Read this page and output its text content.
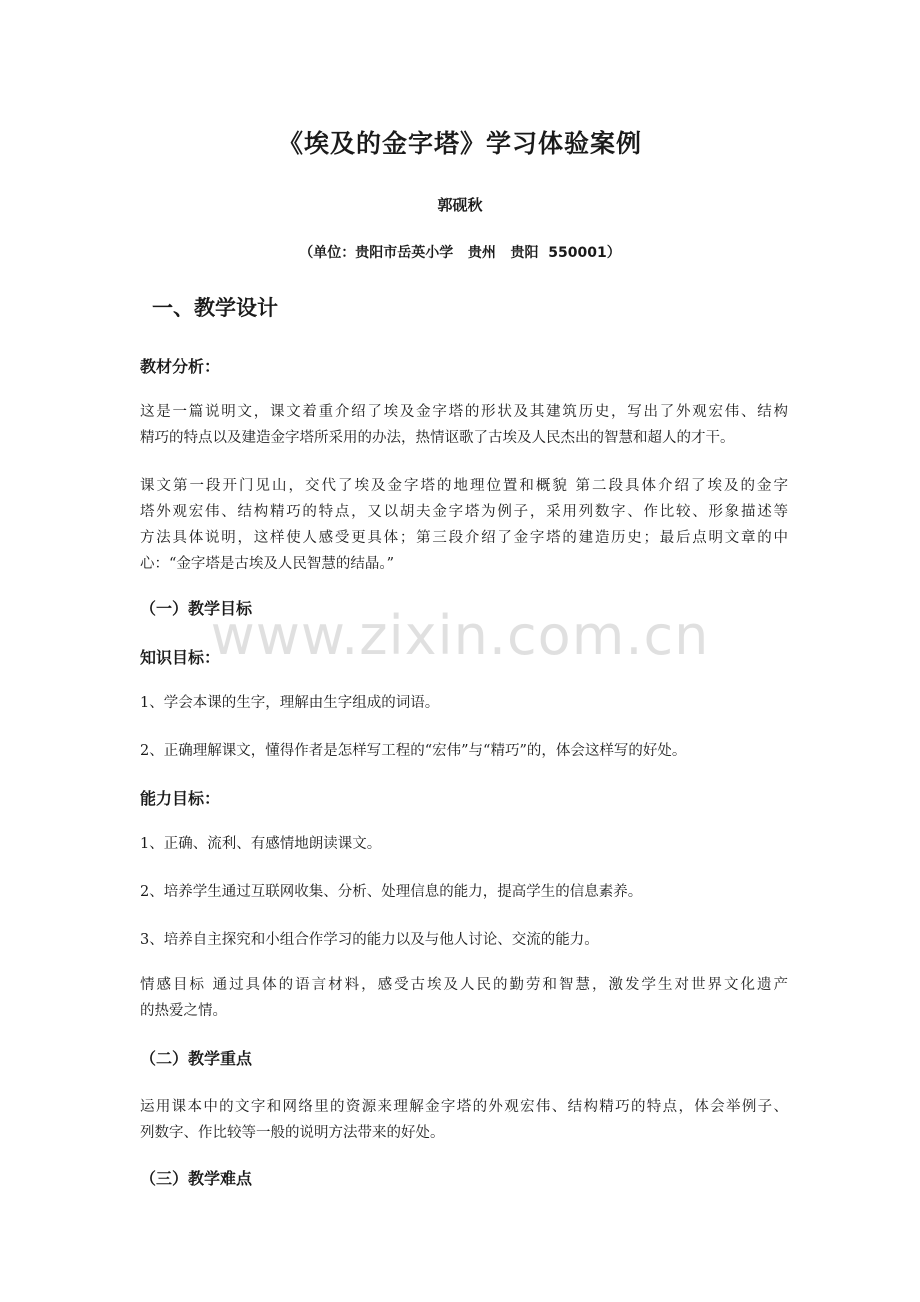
《埃及的金字塔》学习体验案例
郭砚秋
（单位：贵阳市岳英小学   贵州   贵阳  550001）
一、教学设计
教材分析：
这是一篇说明文，课文着重介绍了埃及金字塔的形状及其建筑历史，写出了外观宏伟、结构
精巧的特点以及建造金字塔所采用的办法，热情讴歌了古埃及人民杰出的智慧和超人的才干。
课文第一段开门见山，交代了埃及金字塔的地理位置和概貌 第二段具体介绍了埃及的金字
塔外观宏伟、结构精巧的特点，又以胡夫金字塔为例子，采用列数字、作比较、形象描述等
方法具体说明，这样使人感受更具体；第三段介绍了金字塔的建造历史；最后点明文章的中
心：“金字塔是古埃及人民智慧的结晶。”
（一）教学目标
www.zixin.com.cn
知识目标：
1、学会本课的生字，理解由生字组成的词语。
2、正确理解课文，懂得作者是怎样写工程的“宏伟”与“精巧”的，体会这样写的好处。
能力目标：
1、正确、流利、有感情地朗读课文。
2、培养学生通过互联网收集、分析、处理信息的能力，提高学生的信息素养。
3、培养自主探究和小组合作学习的能力以及与他人讨论、交流的能力。
情感目标 通过具体的语言材料，感受古埃及人民的勤劳和智慧，激发学生对世界文化遗产
的热爱之情。
（二）教学重点
运用课本中的文字和网络里的资源来理解金字塔的外观宏伟、结构精巧的特点，体会举例子、
列数字、作比较等一般的说明方法带来的好处。
（三）教学难点
